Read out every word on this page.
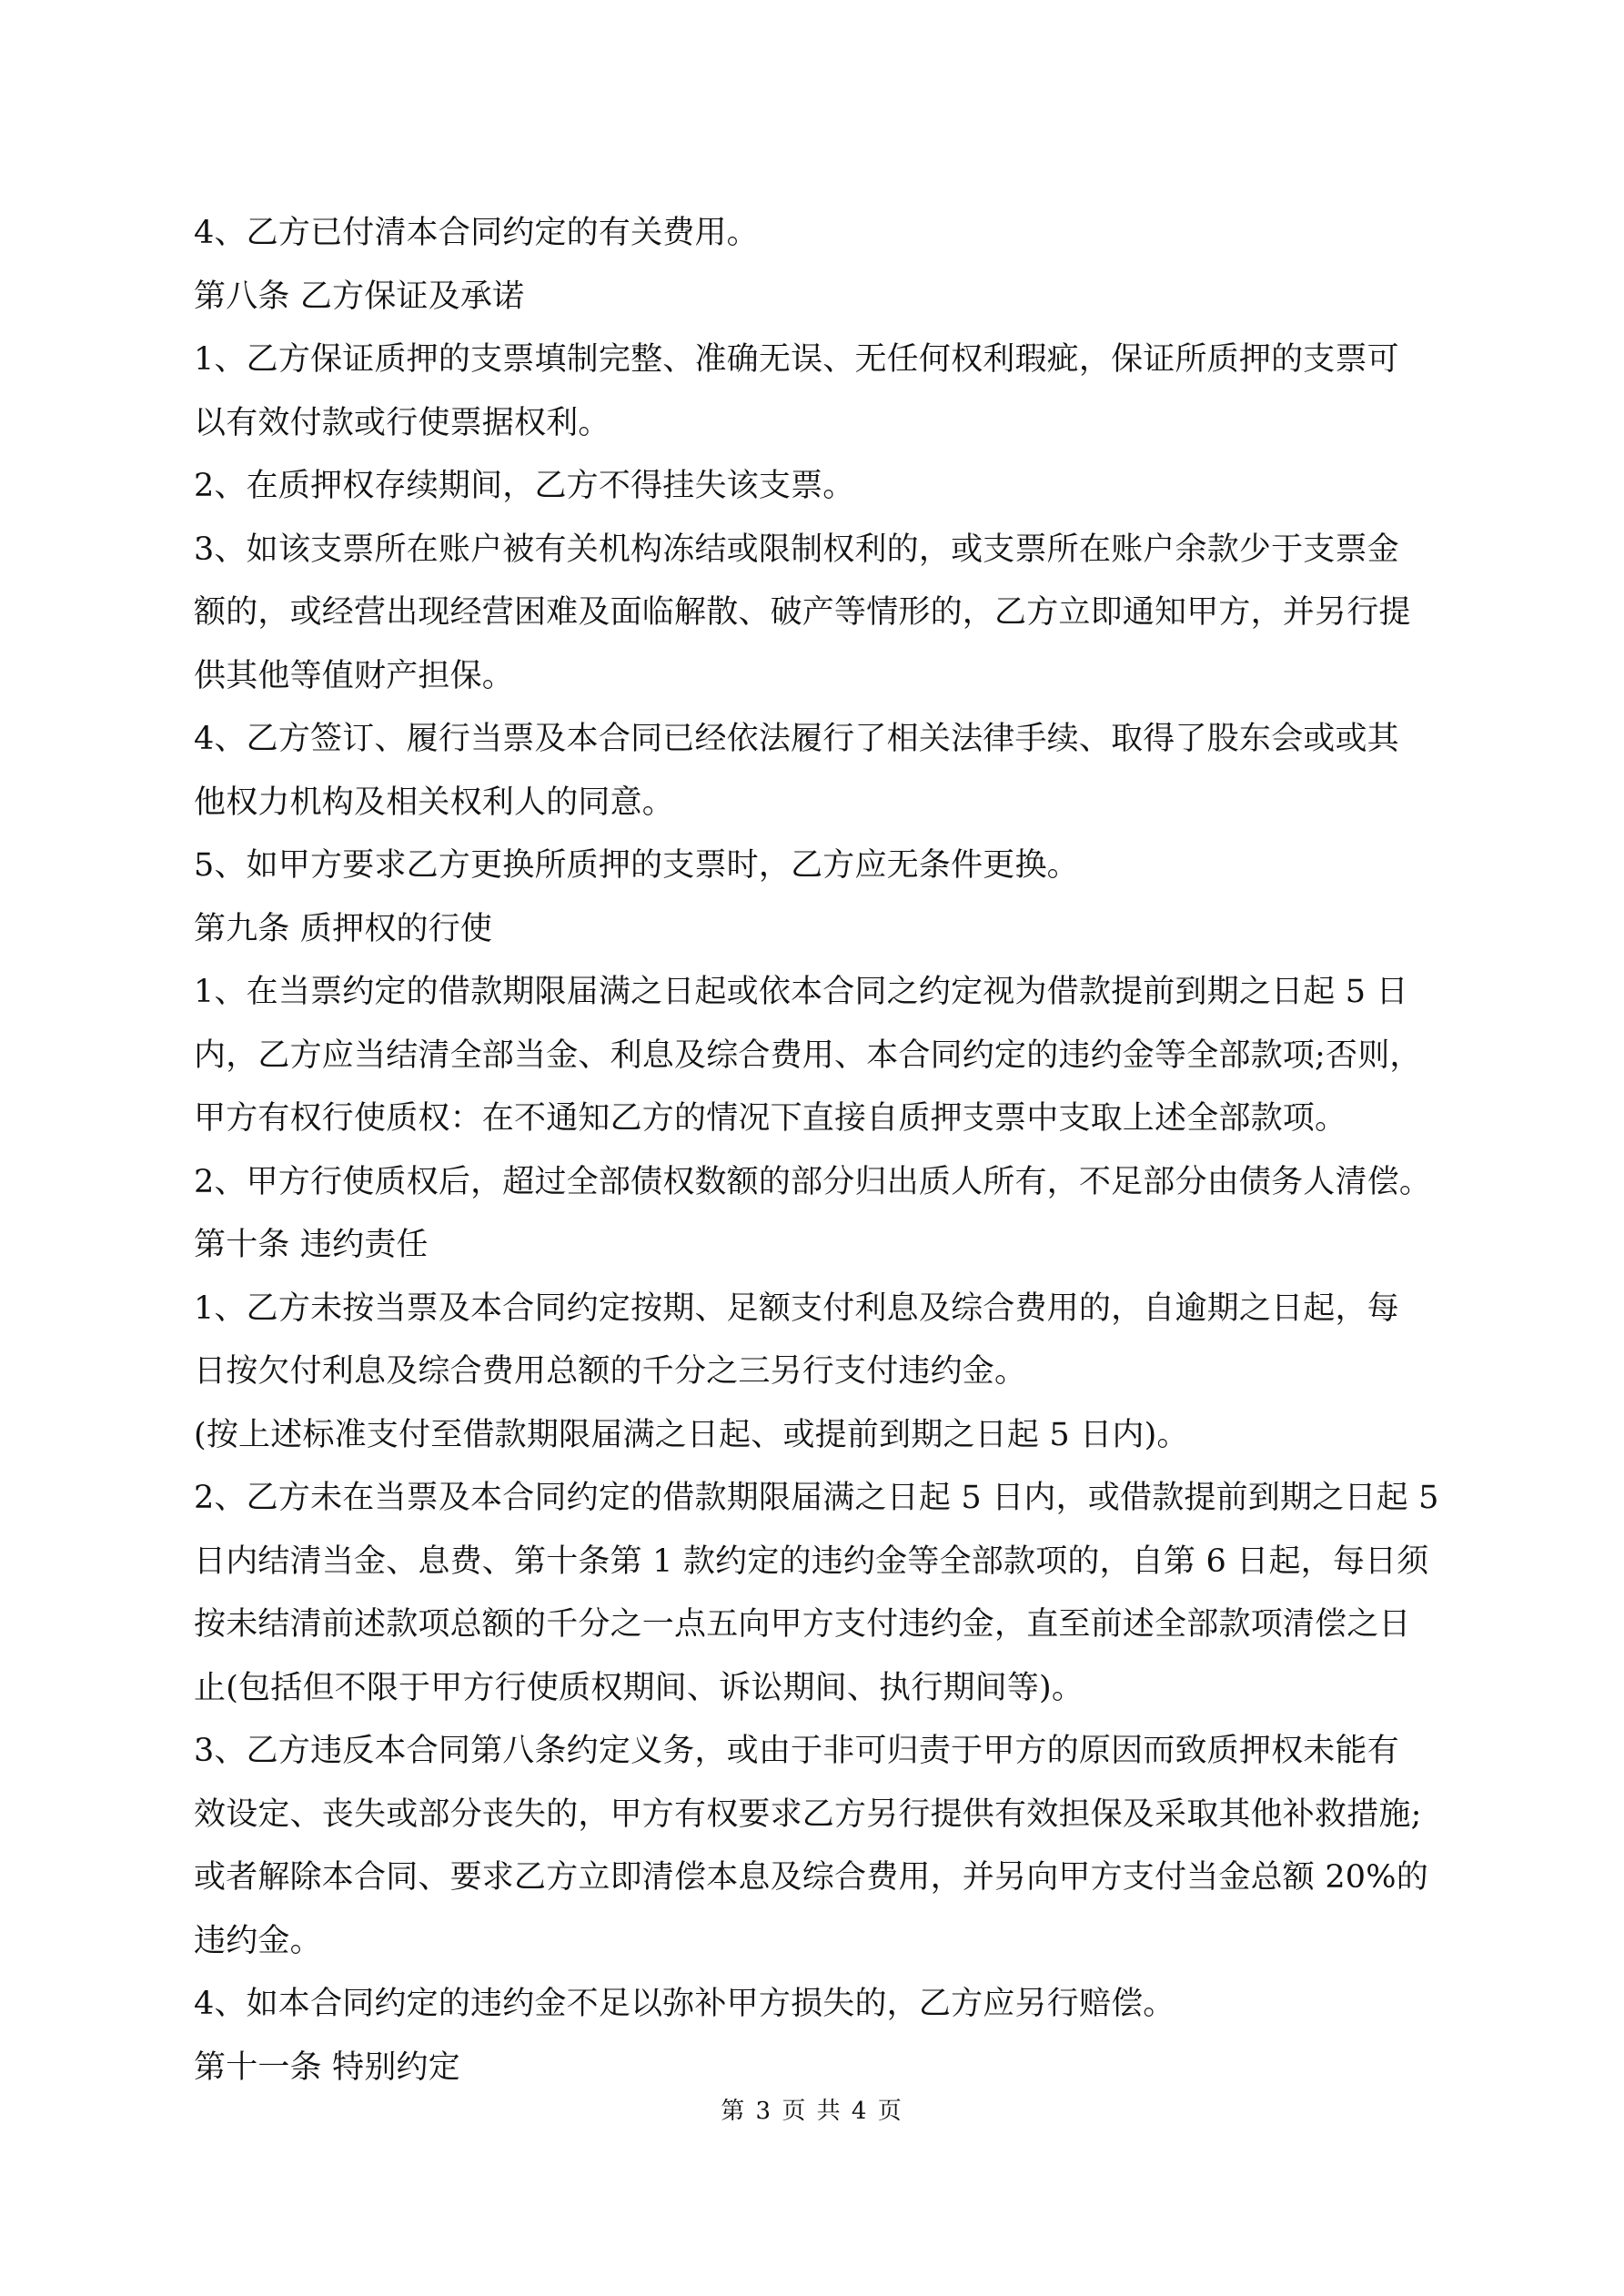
4、乙方已付清本合同约定的有关费用。
第八条 乙方保证及承诺
1、乙方保证质押的支票填制完整、准确无误、无任何权利瑕疵，保证所质押的支票可
以有效付款或行使票据权利。
2、在质押权存续期间，乙方不得挂失该支票。
3、如该支票所在账户被有关机构冻结或限制权利的，或支票所在账户余款少于支票金
额的，或经营出现经营困难及面临解散、破产等情形的，乙方立即通知甲方，并另行提
供其他等值财产担保。
4、乙方签订、履行当票及本合同已经依法履行了相关法律手续、取得了股东会或或其
他权力机构及相关权利人的同意。
5、如甲方要求乙方更换所质押的支票时，乙方应无条件更换。
第九条 质押权的行使
1、在当票约定的借款期限届满之日起或依本合同之约定视为借款提前到期之日起 5 日
内，乙方应当结清全部当金、利息及综合费用、本合同约定的违约金等全部款项;否则，
甲方有权行使质权：在不通知乙方的情况下直接自质押支票中支取上述全部款项。
2、甲方行使质权后，超过全部债权数额的部分归出质人所有，不足部分由债务人清偿。
第十条 违约责任
1、乙方未按当票及本合同约定按期、足额支付利息及综合费用的，自逾期之日起，每
日按欠付利息及综合费用总额的千分之三另行支付违约金。
(按上述标准支付至借款期限届满之日起、或提前到期之日起 5 日内)。
2、乙方未在当票及本合同约定的借款期限届满之日起 5 日内，或借款提前到期之日起 5
日内结清当金、息费、第十条第 1 款约定的违约金等全部款项的，自第 6 日起，每日须
按未结清前述款项总额的千分之一点五向甲方支付违约金，直至前述全部款项清偿之日
止(包括但不限于甲方行使质权期间、诉讼期间、执行期间等)。
3、乙方违反本合同第八条约定义务，或由于非可归责于甲方的原因而致质押权未能有
效设定、丧失或部分丧失的，甲方有权要求乙方另行提供有效担保及采取其他补救措施;
或者解除本合同、要求乙方立即清偿本息及综合费用，并另向甲方支付当金总额 20%的
违约金。
4、如本合同约定的违约金不足以弥补甲方损失的，乙方应另行赔偿。
第十一条 特别约定
第 3 页 共 4 页
